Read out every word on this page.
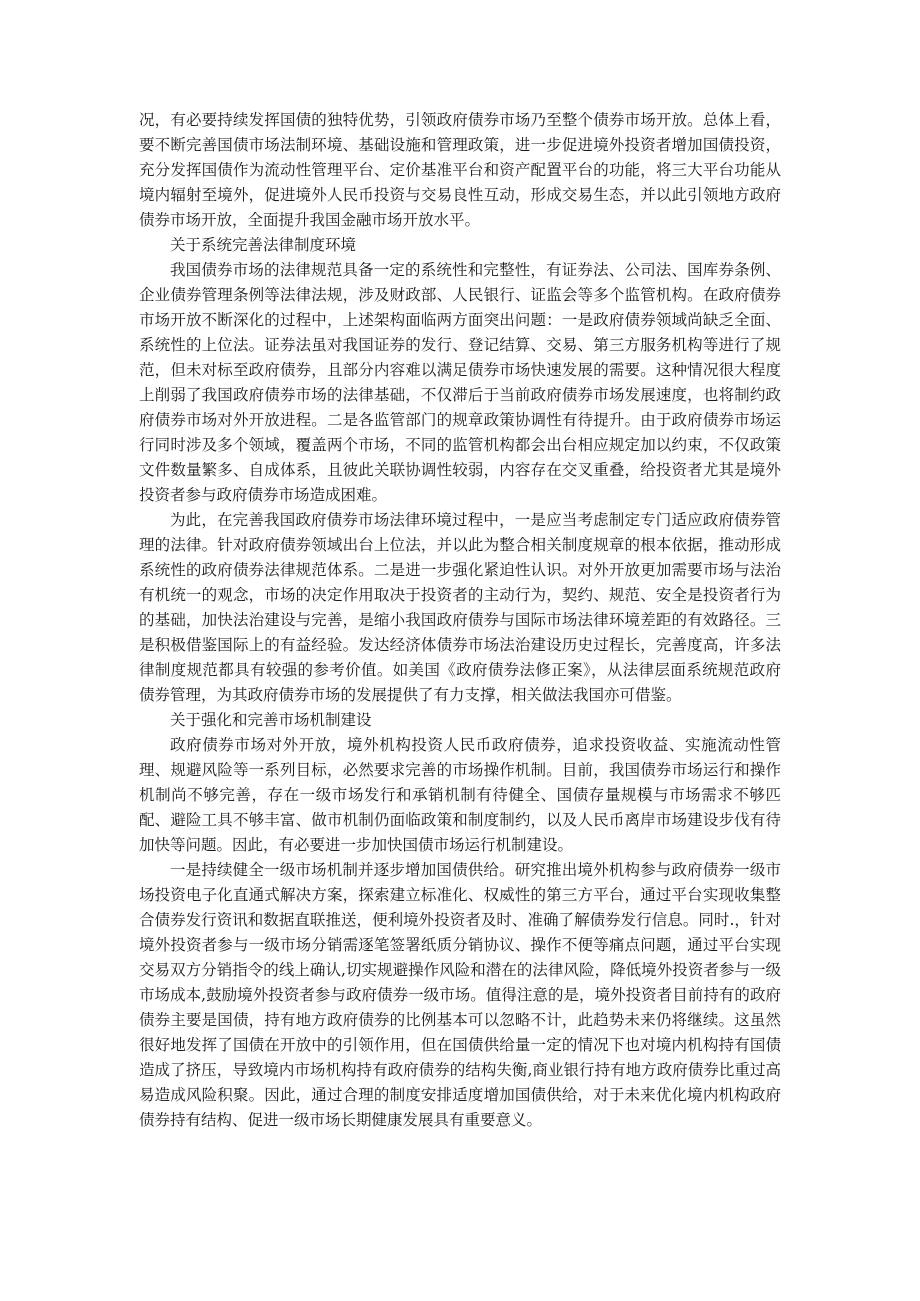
况，有必要持续发挥国债的独特优势，引领政府债券市场乃至整个债券市场开放。总体上看，要不断完善国债市场法制环境、基础设施和管理政策，进一步促进境外投资者增加国债投资，充分发挥国债作为流动性管理平台、定价基准平台和资产配置平台的功能，将三大平台功能从境内辐射至境外，促进境外人民币投资与交易良性互动，形成交易生态，并以此引领地方政府债券市场开放，全面提升我国金融市场开放水平。

关于系统完善法律制度环境

我国债券市场的法律规范具备一定的系统性和完整性，有证券法、公司法、国库券条例、企业债券管理条例等法律法规，涉及财政部、人民银行、证监会等多个监管机构。在政府债券市场开放不断深化的过程中，上述架构面临两方面突出问题：一是政府债券领域尚缺乏全面、系统性的上位法。证券法虽对我国证券的发行、登记结算、交易、第三方服务机构等进行了规范，但未对标至政府债券，且部分内容难以满足债券市场快速发展的需要。这种情况很大程度上削弱了我国政府债券市场的法律基础，不仅滞后于当前政府债券市场发展速度，也将制约政府债券市场对外开放进程。二是各监管部门的规章政策协调性有待提升。由于政府债券市场运行同时涉及多个领域，覆盖两个市场，不同的监管机构都会出台相应规定加以约束，不仅政策文件数量繁多、自成体系，且彼此关联协调性较弱，内容存在交叉重叠，给投资者尤其是境外投资者参与政府债券市场造成困难。

为此，在完善我国政府债券市场法律环境过程中，一是应当考虑制定专门适应政府债券管理的法律。针对政府债券领域出台上位法，并以此为整合相关制度规章的根本依据，推动形成系统性的政府债券法律规范体系。二是进一步强化紧迫性认识。对外开放更加需要市场与法治有机统一的观念，市场的决定作用取决于投资者的主动行为，契约、规范、安全是投资者行为的基础，加快法治建设与完善，是缩小我国政府债券与国际市场法律环境差距的有效路径。三是积极借鉴国际上的有益经验。发达经济体债券市场法治建设历史过程长，完善度高，许多法律制度规范都具有较强的参考价值。如美国《政府债券法修正案》，从法律层面系统规范政府债券管理，为其政府债券市场的发展提供了有力支撑，相关做法我国亦可借鉴。

关于强化和完善市场机制建设

政府债券市场对外开放，境外机构投资人民币政府债券，追求投资收益、实施流动性管理、规避风险等一系列目标，必然要求完善的市场操作机制。目前，我国债券市场运行和操作机制尚不够完善，存在一级市场发行和承销机制有待健全、国债存量规模与市场需求不够匹配、避险工具不够丰富、做市机制仍面临政策和制度制约，以及人民币离岸市场建设步伐有待加快等问题。因此，有必要进一步加快国债市场运行机制建设。

一是持续健全一级市场机制并逐步增加国债供给。研究推出境外机构参与政府债券一级市场投资电子化直通式解决方案，探索建立标准化、权威性的第三方平台，通过平台实现收集整合债券发行资讯和数据直联推送，便利境外投资者及时、准确了解债券发行信息。同时.，针对境外投资者参与一级市场分销需逐笔签署纸质分销协议、操作不便等痛点问题，通过平台实现交易双方分销指令的线上确认,切实规避操作风险和潜在的法律风险，降低境外投资者参与一级市场成本,鼓励境外投资者参与政府债券一级市场。值得注意的是，境外投资者目前持有的政府债券主要是国债，持有地方政府债券的比例基本可以忽略不计，此趋势未来仍将继续。这虽然很好地发挥了国债在开放中的引领作用，但在国债供给量一定的情况下也对境内机构持有国债造成了挤压，导致境内市场机构持有政府债券的结构失衡,商业银行持有地方政府债券比重过高易造成风险积聚。因此，通过合理的制度安排适度增加国债供给，对于未来优化境内机构政府债券持有结构、促进一级市场长期健康发展具有重要意义。
